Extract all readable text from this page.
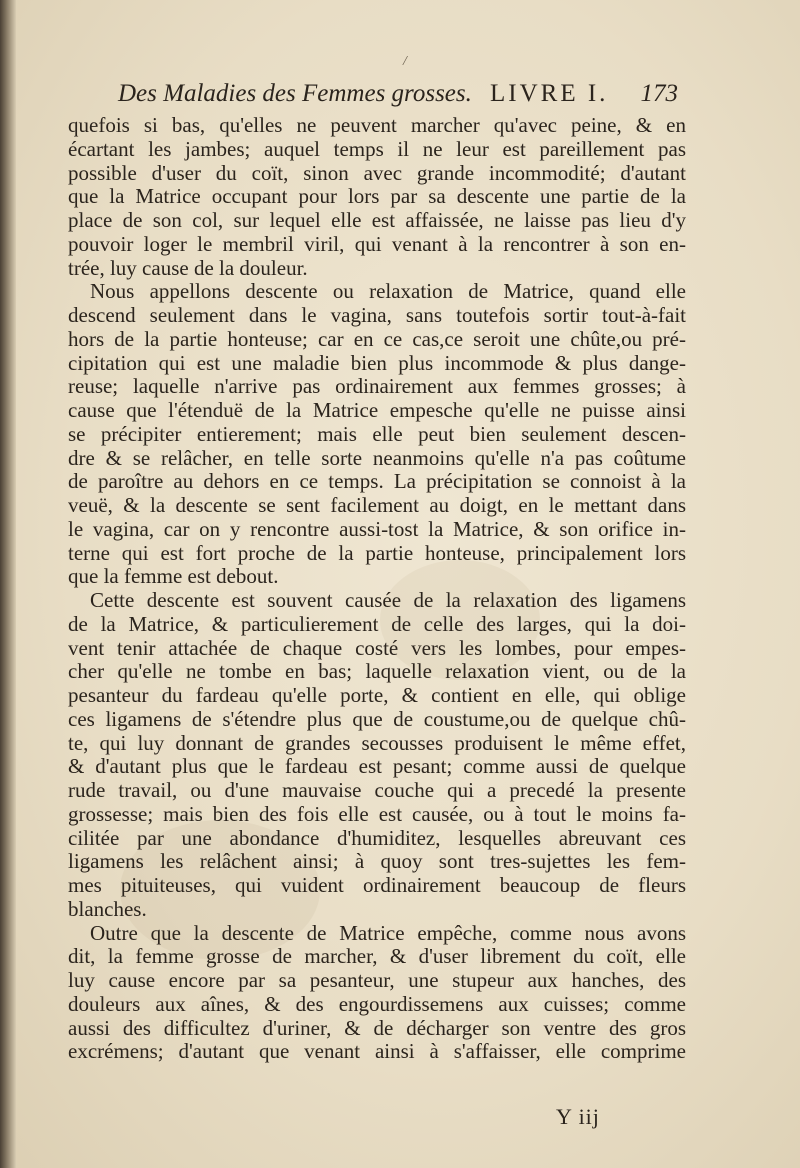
/
Des Maladies des Femmes grosses. LIVRE I. 173
quefois si bas, qu'elles ne peuvent marcher qu'avec peine, & en
écartant les jambes; auquel temps il ne leur est pareillement pas
possible d'user du coït, sinon avec grande incommodité; d'autant
que la Matrice occupant pour lors par sa descente une partie de la
place de son col, sur lequel elle est affaissée, ne laisse pas lieu d'y
pouvoir loger le membril viril, qui venant à la rencontrer à son en-
trée, luy cause de la douleur.
Nous appellons descente ou relaxation de Matrice, quand elle
descend seulement dans le vagina, sans toutefois sortir tout-à-fait
hors de la partie honteuse; car en ce cas,ce seroit une chûte,ou pré-
cipitation qui est une maladie bien plus incommode & plus dange-
reuse; laquelle n'arrive pas ordinairement aux femmes grosses; à
cause que l'étenduë de la Matrice empesche qu'elle ne puisse ainsi
se précipiter entierement; mais elle peut bien seulement descen-
dre & se relâcher, en telle sorte neanmoins qu'elle n'a pas coûtume
de paroître au dehors en ce temps. La précipitation se connoist à la
veuë, & la descente se sent facilement au doigt, en le mettant dans
le vagina, car on y rencontre aussi-tost la Matrice, & son orifice in-
terne qui est fort proche de la partie honteuse, principalement lors
que la femme est debout.
Cette descente est souvent causée de la relaxation des ligamens
de la Matrice, & particulierement de celle des larges, qui la doi-
vent tenir attachée de chaque costé vers les lombes, pour empes-
cher qu'elle ne tombe en bas; laquelle relaxation vient, ou de la
pesanteur du fardeau qu'elle porte, & contient en elle, qui oblige
ces ligamens de s'étendre plus que de coustume,ou de quelque chû-
te, qui luy donnant de grandes secousses produisent le même effet,
& d'autant plus que le fardeau est pesant; comme aussi de quelque
rude travail, ou d'une mauvaise couche qui a precedé la presente
grossesse; mais bien des fois elle est causée, ou à tout le moins fa-
cilitée par une abondance d'humiditez, lesquelles abreuvant ces
ligamens les relâchent ainsi; à quoy sont tres-sujettes les fem-
mes pituiteuses, qui vuident ordinairement beaucoup de fleurs
blanches.
Outre que la descente de Matrice empêche, comme nous avons
dit, la femme grosse de marcher, & d'user librement du coït, elle
luy cause encore par sa pesanteur, une stupeur aux hanches, des
douleurs aux aînes, & des engourdissemens aux cuisses; comme
aussi des difficultez d'uriner, & de décharger son ventre des gros
excrémens; d'autant que venant ainsi à s'affaisser, elle comprime
Y iij
